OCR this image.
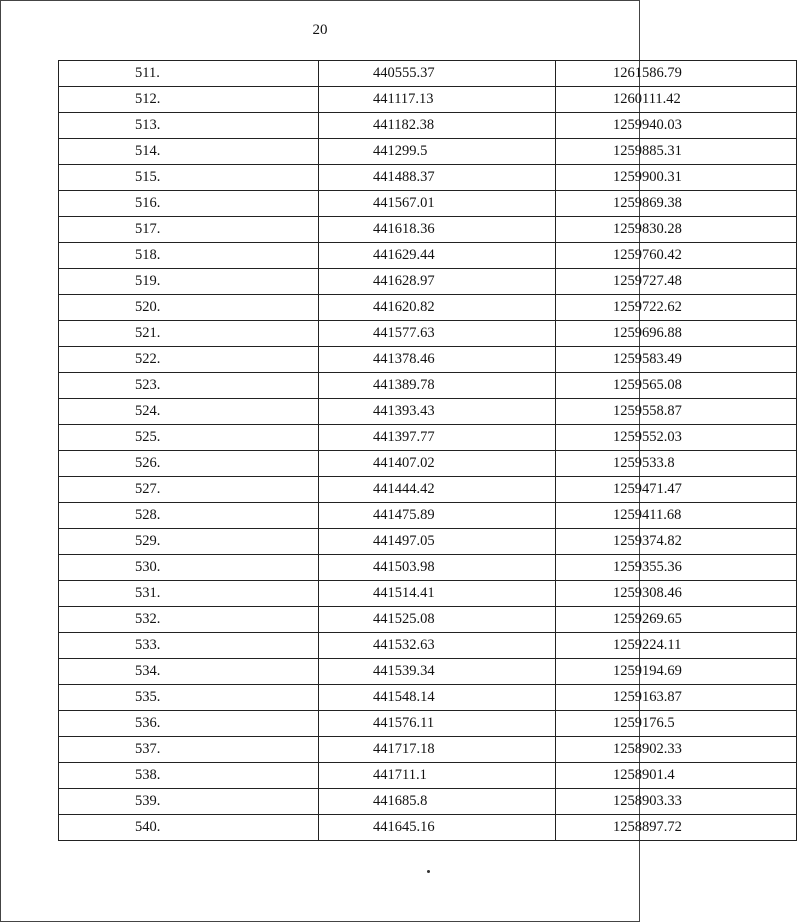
20
511.	440555.37	1261586.79
512.	441117.13	1260111.42
513.	441182.38	1259940.03
514.	441299.5	1259885.31
515.	441488.37	1259900.31
516.	441567.01	1259869.38
517.	441618.36	1259830.28
518.	441629.44	1259760.42
519.	441628.97	1259727.48
520.	441620.82	1259722.62
521.	441577.63	1259696.88
522.	441378.46	1259583.49
523.	441389.78	1259565.08
524.	441393.43	1259558.87
525.	441397.77	1259552.03
526.	441407.02	1259533.8
527.	441444.42	1259471.47
528.	441475.89	1259411.68
529.	441497.05	1259374.82
530.	441503.98	1259355.36
531.	441514.41	1259308.46
532.	441525.08	1259269.65
533.	441532.63	1259224.11
534.	441539.34	1259194.69
535.	441548.14	1259163.87
536.	441576.11	1259176.5
537.	441717.18	1258902.33
538.	441711.1	1258901.4
539.	441685.8	1258903.33
540.	441645.16	1258897.72
